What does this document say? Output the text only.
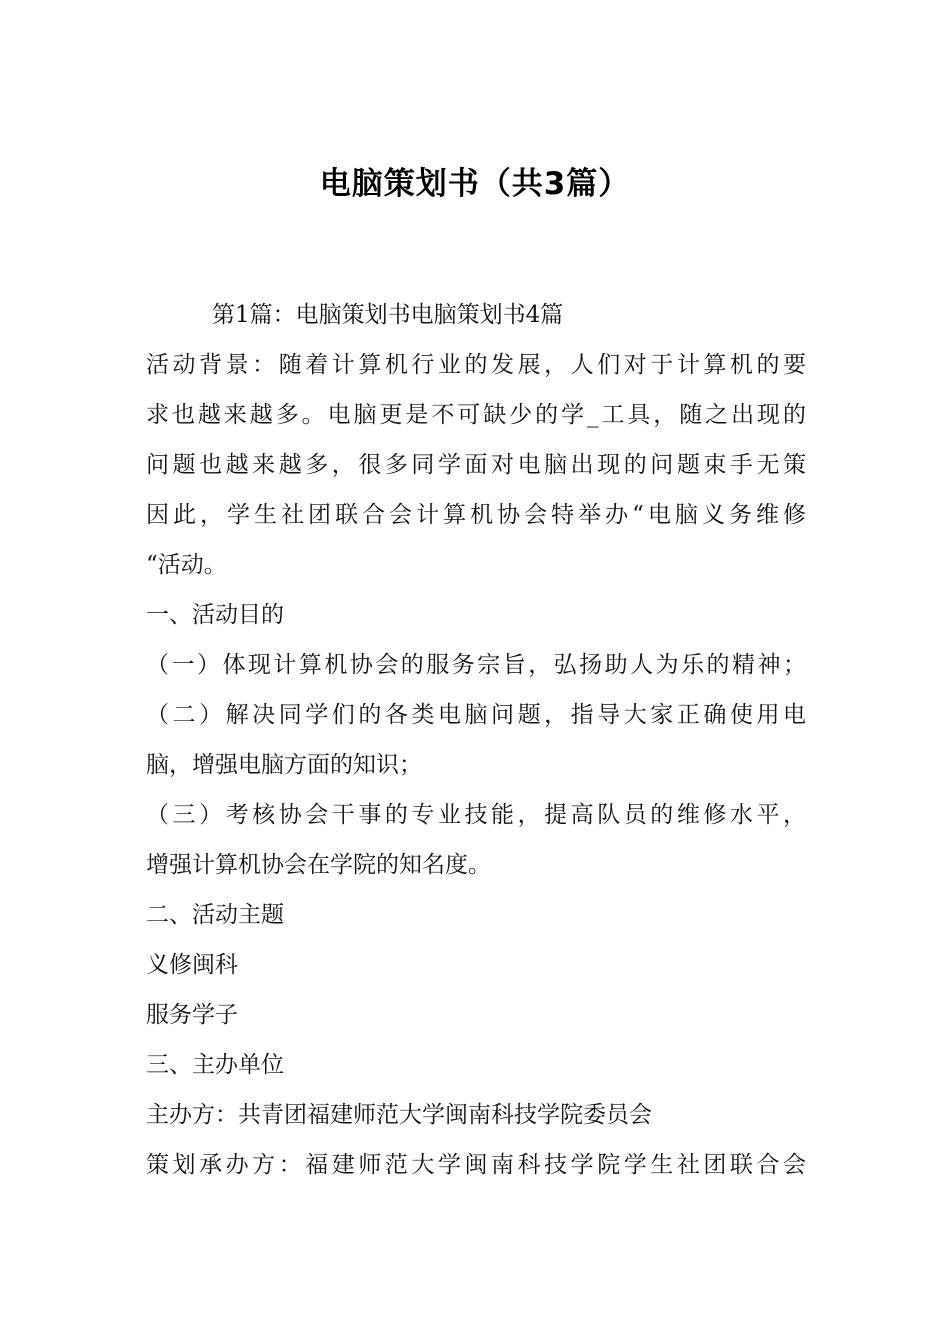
电脑策划书（共3篇）
第1篇：电脑策划书电脑策划书4篇
活动背景：随着计算机行业的发展，人们对于计算机的要
求也越来越多。电脑更是不可缺少的学_工具，随之出现的
问题也越来越多，很多同学面对电脑出现的问题束手无策
因此，学生社团联合会计算机协会特举办“电脑义务维修
“活动。
一、活动目的
（一）体现计算机协会的服务宗旨，弘扬助人为乐的精神；
（二）解决同学们的各类电脑问题，指导大家正确使用电
脑，增强电脑方面的知识；
（三）考核协会干事的专业技能，提高队员的维修水平，
增强计算机协会在学院的知名度。
二、活动主题
义修闽科
服务学子
三、主办单位
主办方：共青团福建师范大学闽南科技学院委员会
策划承办方：福建师范大学闽南科技学院学生社团联合会
